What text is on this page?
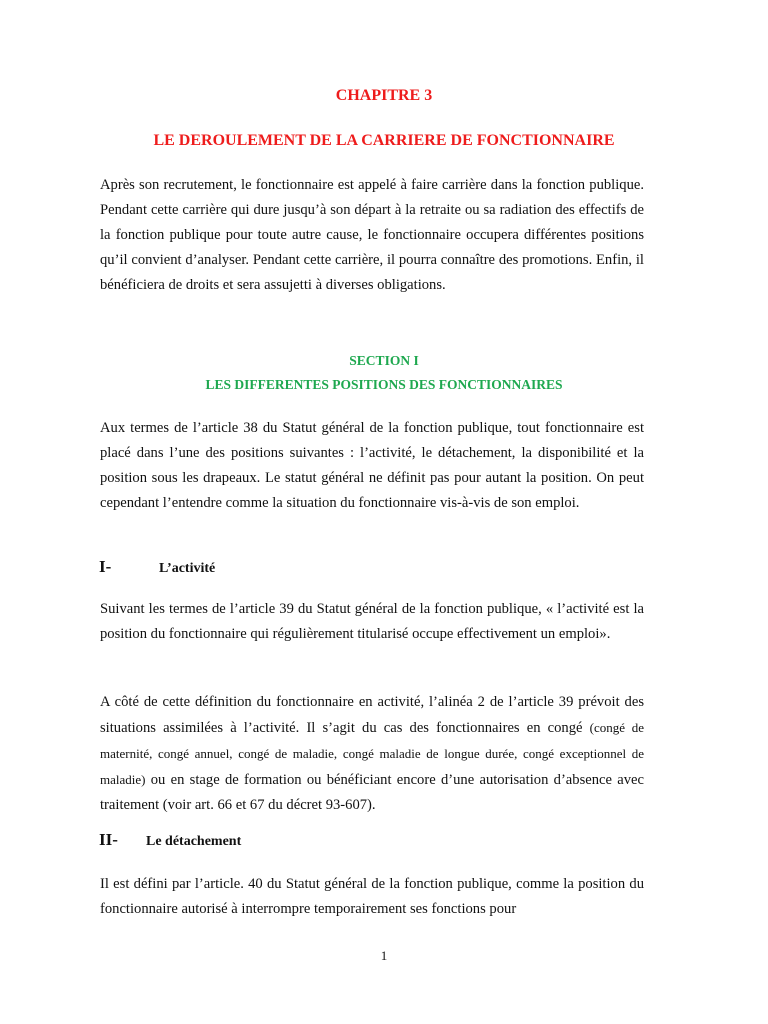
CHAPITRE 3
LE DEROULEMENT DE LA CARRIERE DE FONCTIONNAIRE
Après son recrutement, le fonctionnaire est appelé à faire carrière dans la fonction publique. Pendant cette carrière qui dure jusqu’à son départ à la retraite ou sa radiation des effectifs de la fonction publique pour toute autre cause, le fonctionnaire occupera différentes positions qu’il convient d’analyser. Pendant cette carrière, il pourra connaître des promotions. Enfin, il bénéficiera de droits et sera assujetti à diverses obligations.
SECTION I
LES DIFFERENTES POSITIONS DES FONCTIONNAIRES
Aux termes de l’article 38 du Statut général de la fonction publique, tout fonctionnaire est placé dans l’une des positions suivantes : l’activité, le détachement, la disponibilité et la position sous les drapeaux. Le statut général ne définit pas pour autant la position. On peut cependant l’entendre comme la situation du fonctionnaire vis-à-vis de son emploi.
I-	L’activité
Suivant les termes de l’article 39 du Statut général de la fonction publique, « l’activité est la position du fonctionnaire qui régulièrement titularisé occupe effectivement un emploi».
A côté de cette définition du fonctionnaire en activité, l’alinéa 2 de l’article 39 prévoit des situations assimilées à l’activité. Il s’agit du cas des fonctionnaires en congé (congé de maternité, congé annuel, congé de maladie, congé maladie de longue durée, congé exceptionnel de maladie) ou en stage de formation ou bénéficiant encore d’une autorisation d’absence avec traitement (voir art. 66 et 67 du décret 93-607).
II- Le détachement
Il est défini par l’article. 40 du Statut général de la fonction publique, comme la position du fonctionnaire autorisé à interrompre temporairement ses fonctions pour
1
